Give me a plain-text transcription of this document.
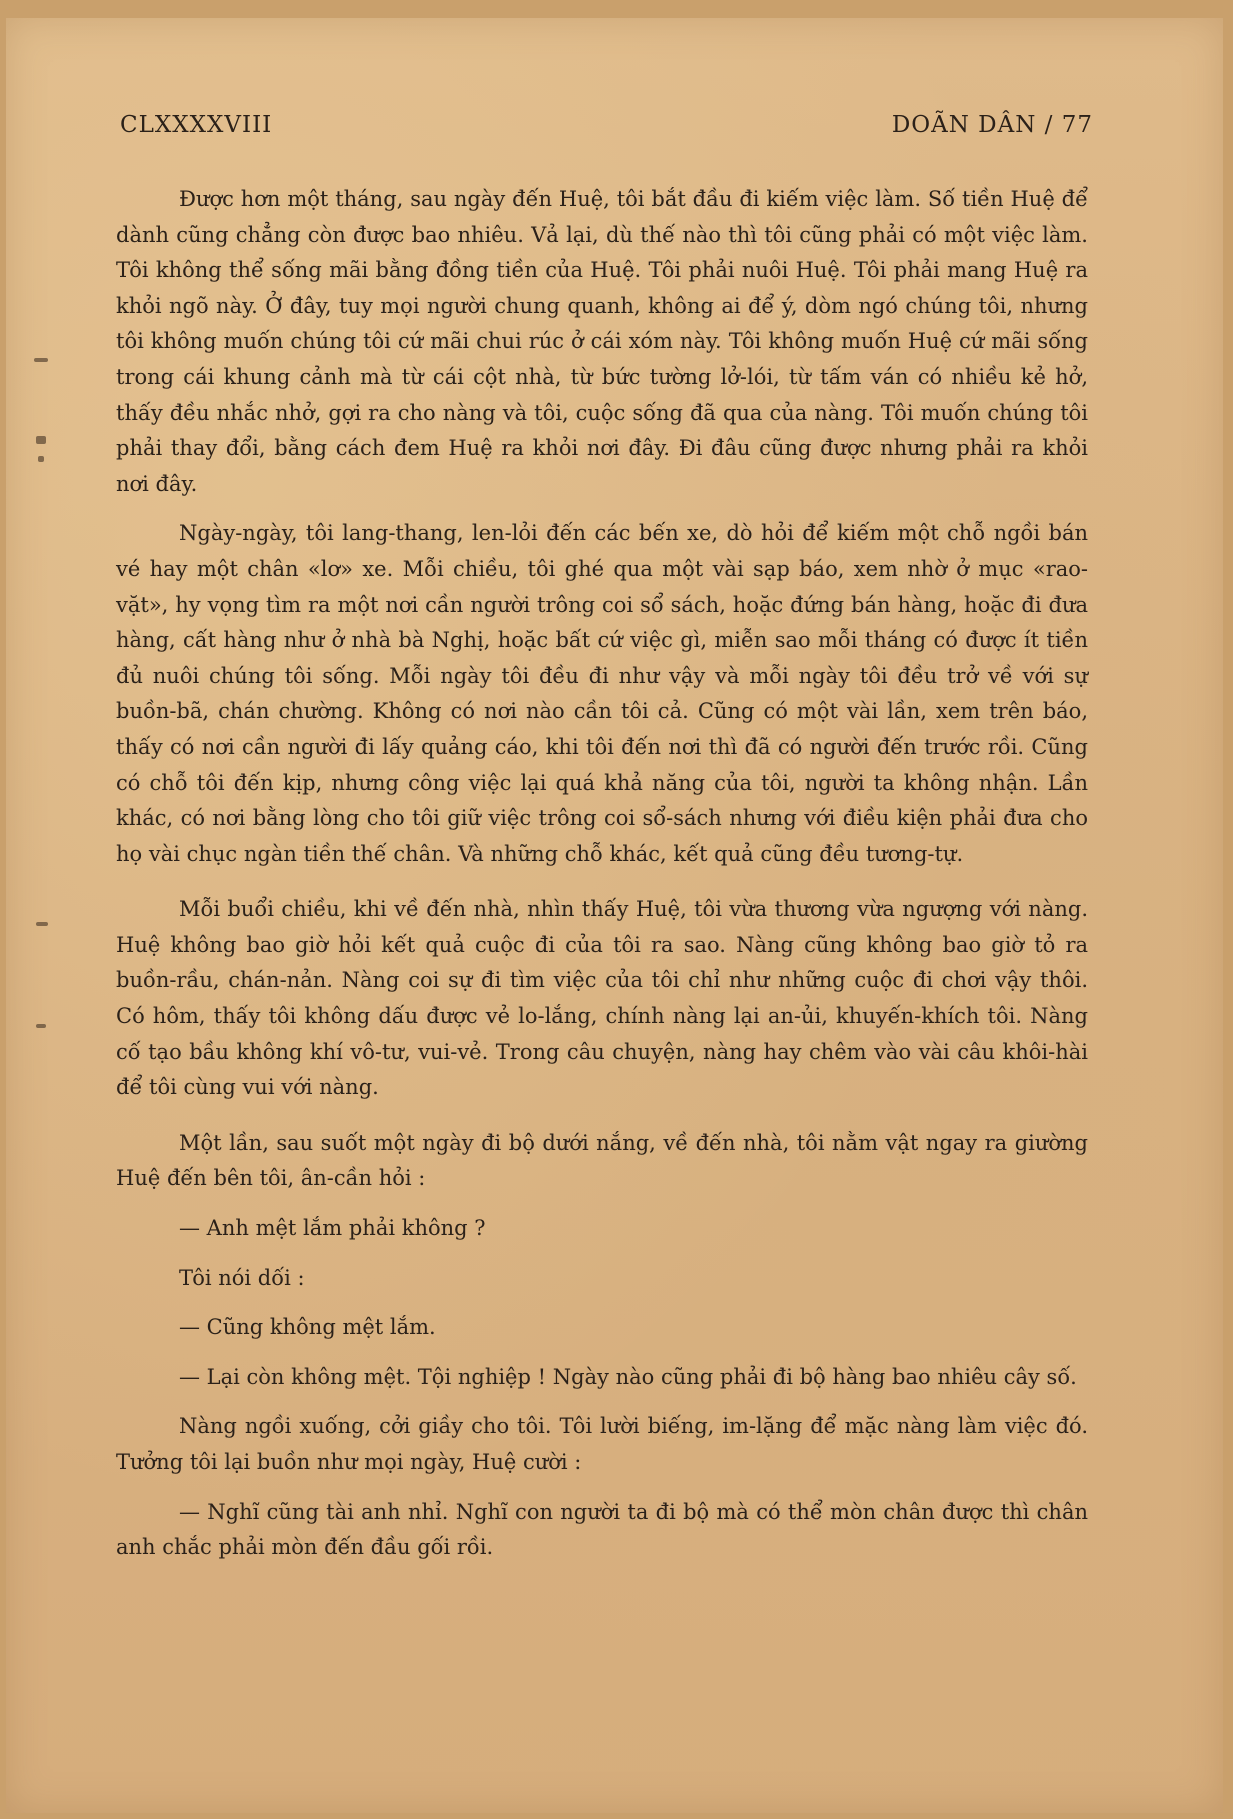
CLXXXXVIII	DOÃN DÂN / 77

Được hơn một tháng, sau ngày đến Huệ, tôi bắt đầu đi kiếm việc làm. Số tiền Huệ để dành cũng chẳng còn được bao nhiêu. Vả lại, dù thế nào thì tôi cũng phải có một việc làm. Tôi không thể sống mãi bằng đồng tiền của Huệ. Tôi phải nuôi Huệ. Tôi phải mang Huệ ra khỏi ngõ này. Ở đây, tuy mọi người chung quanh, không ai để ý, dòm ngó chúng tôi, nhưng tôi không muốn chúng tôi cứ mãi chui rúc ở cái xóm này. Tôi không muốn Huệ cứ mãi sống trong cái khung cảnh mà từ cái cột nhà, từ bức tường lở-lói, từ tấm ván có nhiều kẻ hở, thấy đều nhắc nhở, gợi ra cho nàng và tôi, cuộc sống đã qua của nàng. Tôi muốn chúng tôi phải thay đổi, bằng cách đem Huệ ra khỏi nơi đây. Đi đâu cũng được nhưng phải ra khỏi nơi đây.

Ngày-ngày, tôi lang-thang, len-lỏi đến các bến xe, dò hỏi để kiếm một chỗ ngồi bán vé hay một chân «lơ» xe. Mỗi chiều, tôi ghé qua một vài sạp báo, xem nhờ ở mục «rao-vặt», hy vọng tìm ra một nơi cần người trông coi sổ sách, hoặc đứng bán hàng, hoặc đi đưa hàng, cất hàng như ở nhà bà Nghị, hoặc bất cứ việc gì, miễn sao mỗi tháng có được ít tiền đủ nuôi chúng tôi sống. Mỗi ngày tôi đều đi như vậy và mỗi ngày tôi đều trở về với sự buồn-bã, chán chường. Không có nơi nào cần tôi cả. Cũng có một vài lần, xem trên báo, thấy có nơi cần người đi lấy quảng cáo, khi tôi đến nơi thì đã có người đến trước rồi. Cũng có chỗ tôi đến kịp, nhưng công việc lại quá khả năng của tôi, người ta không nhận. Lần khác, có nơi bằng lòng cho tôi giữ việc trông coi sổ-sách nhưng với điều kiện phải đưa cho họ vài chục ngàn tiền thế chân. Và những chỗ khác, kết quả cũng đều tương-tự.

Mỗi buổi chiều, khi về đến nhà, nhìn thấy Huệ, tôi vừa thương vừa ngượng với nàng. Huệ không bao giờ hỏi kết quả cuộc đi của tôi ra sao. Nàng cũng không bao giờ tỏ ra buồn-rầu, chán-nản. Nàng coi sự đi tìm việc của tôi chỉ như những cuộc đi chơi vậy thôi. Có hôm, thấy tôi không dấu được vẻ lo-lắng, chính nàng lại an-ủi, khuyến-khích tôi. Nàng cố tạo bầu không khí vô-tư, vui-vẻ. Trong câu chuyện, nàng hay chêm vào vài câu khôi-hài để tôi cùng vui với nàng.

Một lần, sau suốt một ngày đi bộ dưới nắng, về đến nhà, tôi nằm vật ngay ra giường Huệ đến bên tôi, ân-cần hỏi :

— Anh mệt lắm phải không ?

Tôi nói dối :

— Cũng không mệt lắm.

— Lại còn không mệt. Tội nghiệp ! Ngày nào cũng phải đi bộ hàng bao nhiêu cây số.

Nàng ngồi xuống, cởi giầy cho tôi. Tôi lười biếng, im-lặng để mặc nàng làm việc đó. Tưởng tôi lại buồn như mọi ngày, Huệ cười :

— Nghĩ cũng tài anh nhỉ. Nghĩ con người ta đi bộ mà có thể mòn chân được thì chân anh chắc phải mòn đến đầu gối rồi.
